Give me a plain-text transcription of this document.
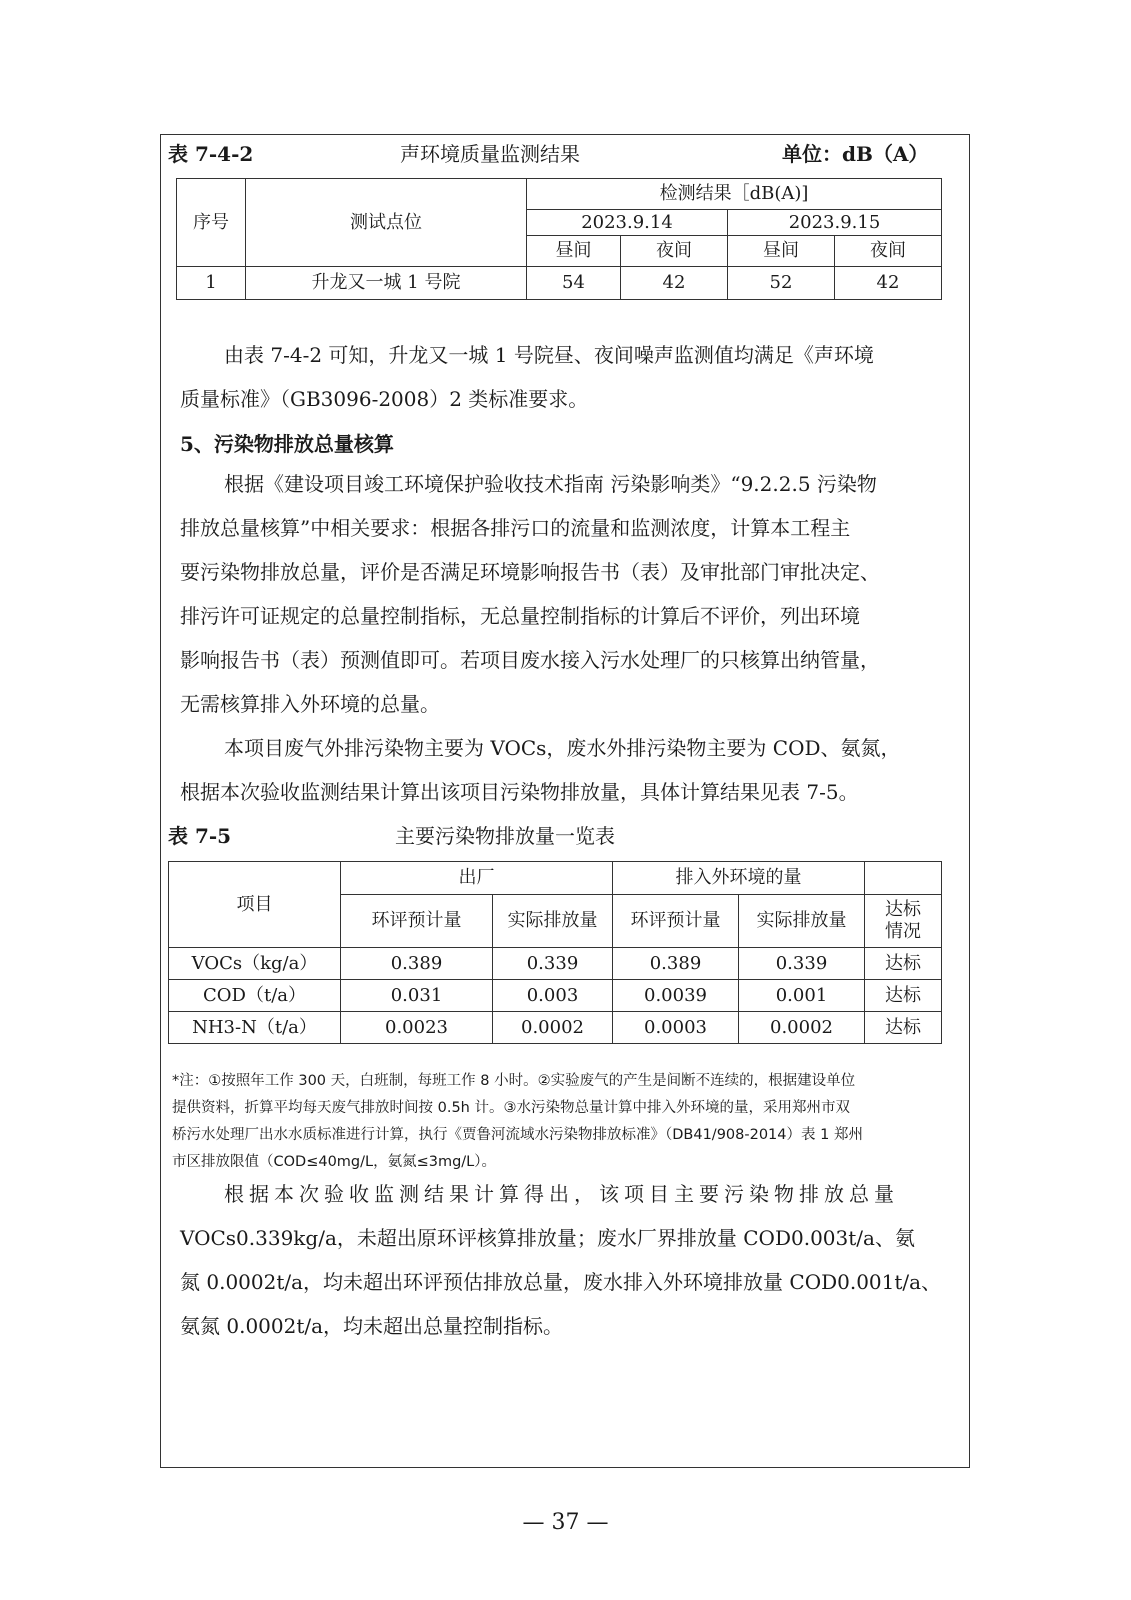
表 7-4-2	声环境质量监测结果	单位：dB（A）
序号	测试点位	检测结果［dB(A)]			
		2023.9.14		2023.9.15	
		昼间	夜间	昼间	夜间
1	升龙又一城 1 号院	54	42	52	42

由表 7-4-2 可知，升龙又一城 1 号院昼、夜间噪声监测值均满足《声环境

质量标准》（GB3096-2008）2 类标准要求。

5、污染物排放总量核算

根据《建设项目竣工环境保护验收技术指南 污染影响类》“9.2.2.5 污染物

排放总量核算”中相关要求：根据各排污口的流量和监测浓度，计算本工程主

要污染物排放总量，评价是否满足环境影响报告书（表）及审批部门审批决定、

排污许可证规定的总量控制指标，无总量控制指标的计算后不评价，列出环境

影响报告书（表）预测值即可。若项目废水接入污水处理厂的只核算出纳管量，

无需核算排入外环境的总量。

本项目废气外排污染物主要为 VOCs，废水外排污染物主要为 COD、氨氮，

根据本次验收监测结果计算出该项目污染物排放量，具体计算结果见表 7-5。

表 7-5	主要污染物排放量一览表
项目	出厂		排入外环境的量		
	环评预计量	实际排放量	环评预计量	实际排放量	达标情况
VOCs（kg/a）	0.389	0.339	0.389	0.339	达标
COD（t/a）	0.031	0.003	0.0039	0.001	达标
NH3-N（t/a）	0.0023	0.0002	0.0003	0.0002	达标

*注：①按照年工作 300 天，白班制，每班工作 8 小时。②实验废气的产生是间断不连续的，根据建设单位

提供资料，折算平均每天废气排放时间按 0.5h 计。③水污染物总量计算中排入外环境的量，采用郑州市双

桥污水处理厂出水水质标准进行计算，执行《贾鲁河流域水污染物排放标准》（DB41/908-2014）表 1 郑州

市区排放限值（COD≤40mg/L，氨氮≤3mg/L）。

根据本次验收监测结果计算得出，该项目主要污染物排放总量

VOCs0.339kg/a，未超出原环评核算排放量；废水厂界排放量 COD0.003t/a、氨

氮 0.0002t/a，均未超出环评预估排放总量，废水排入外环境排放量 COD0.001t/a、

氨氮 0.0002t/a，均未超出总量控制指标。

— 37 —
